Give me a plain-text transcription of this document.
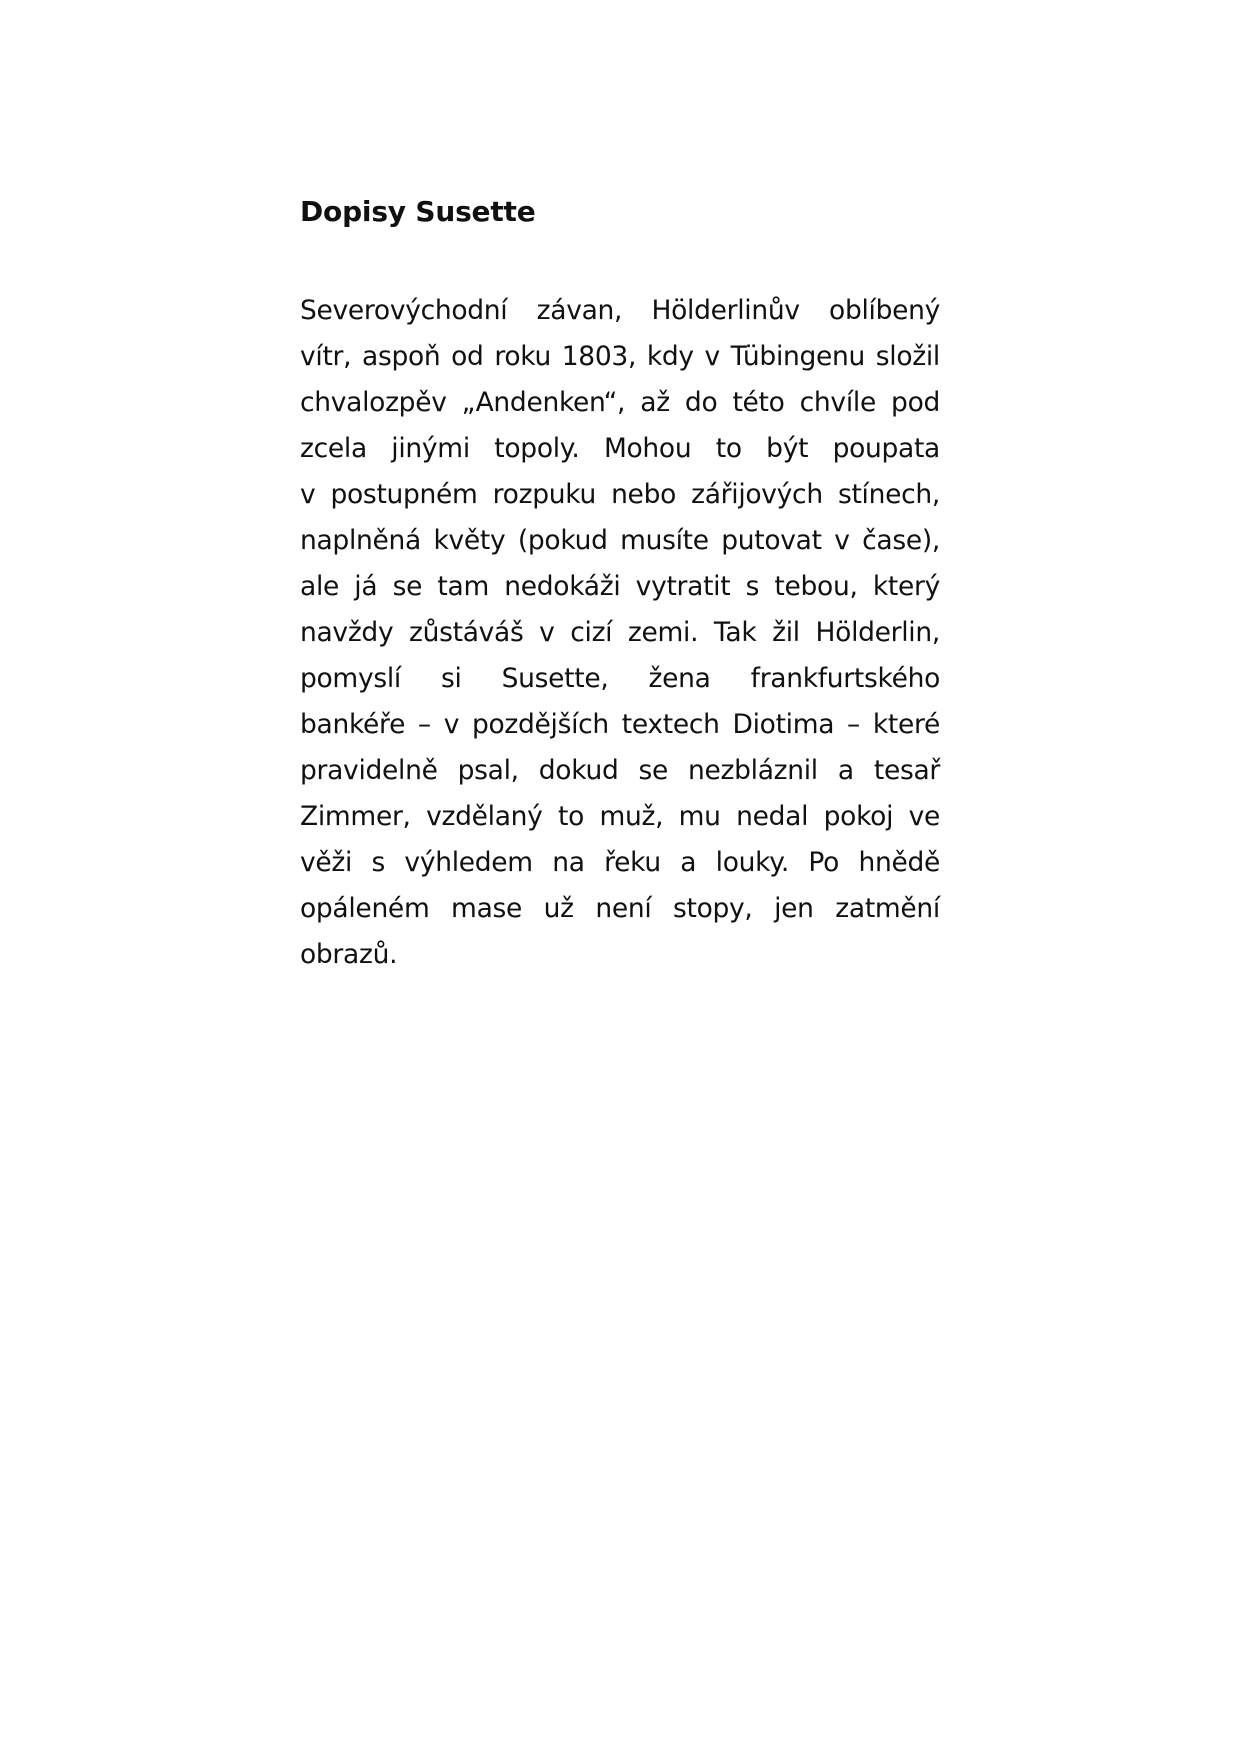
Dopisy Susette
Severovýchodní závan, Hölderlinův oblíbený
vítr, aspoň od roku 1803, kdy v Tübingenu složil
chvalozpěv „Andenken“, až do této chvíle pod
zcela jinými topoly. Mohou to být poupata
v postupném rozpuku nebo zářijových stínech,
naplněná květy (pokud musíte putovat v čase),
ale já se tam nedokáži vytratit s tebou, který
navždy zůstáváš v cizí zemi. Tak žil Hölderlin,
pomyslí si Susette, žena frankfurtského
bankéře – v pozdějších textech Diotima – které
pravidelně psal, dokud se nezbláznil a tesař
Zimmer, vzdělaný to muž, mu nedal pokoj ve
věži s výhledem na řeku a louky. Po hnědě
opáleném mase už není stopy, jen zatmění
obrazů.
